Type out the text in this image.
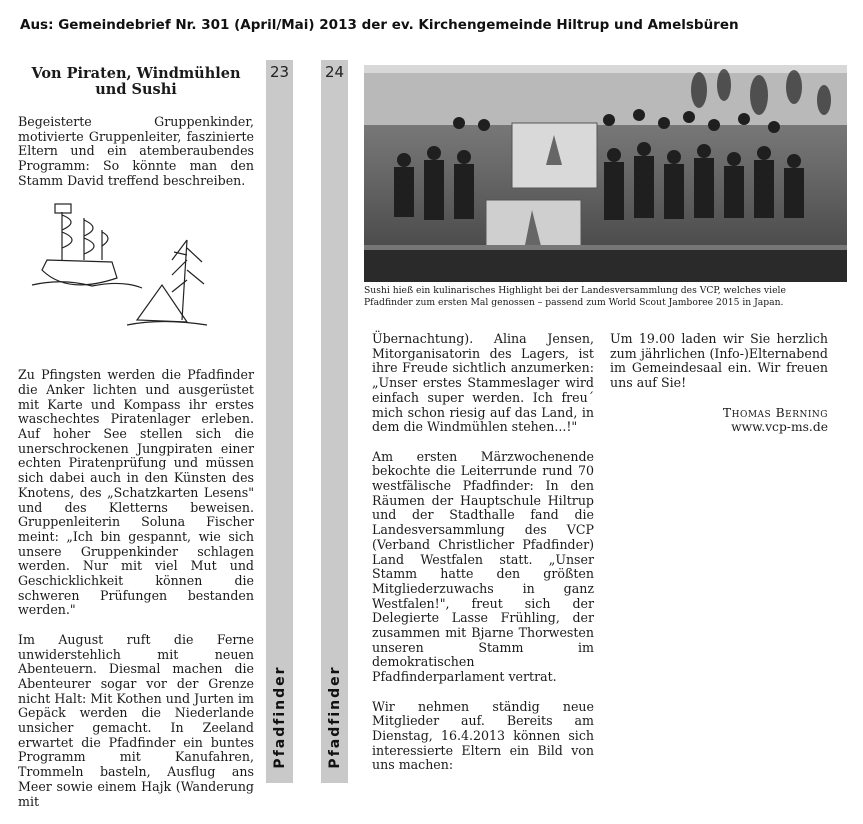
Aus: Gemeindebrief Nr. 301 (April/Mai) 2013 der ev. Kirchengemeinde Hiltrup und Amelsbüren
Von Piraten, Windmühlen und Sushi

Begeisterte Gruppenkinder, motivierte Gruppenleiter, faszinierte Eltern und ein atemberaubendes Programm: So könnte man den Stamm David treffend beschreiben.

Zu Pfingsten werden die Pfadfinder die Anker lichten und ausgerüstet mit Karte und Kompass ihr erstes waschechtes Piratenlager erleben. Auf hoher See stellen sich die unerschrockenen Jungpiraten einer echten Piratenprüfung und müssen sich dabei auch in den Künsten des Knotens, des „Schatzkarten Lesens" und des Kletterns beweisen. Gruppenleiterin Soluna Fischer meint: „Ich bin gespannt, wie sich unsere Gruppenkinder schlagen werden. Nur mit viel Mut und Geschicklichkeit können die schweren Prüfungen bestanden werden."

Im August ruft die Ferne unwiderstehlich mit neuen Abenteuern. Diesmal machen die Abenteurer sogar vor der Grenze nicht Halt: Mit Kothen und Jurten im Gepäck werden die Niederlande unsicher gemacht. In Zeeland erwartet die Pfadfinder ein buntes Programm mit Kanufahren, Trommeln basteln, Ausflug ans Meer sowie einem Hajk (Wanderung mit

23
Pfadfinder
24
Pfadfinder
Sushi hieß ein kulinarisches Highlight bei der Landesversammlung des VCP, welches viele Pfadfinder zum ersten Mal genossen – passend zum World Scout Jamboree 2015 in Japan.

Übernachtung). Alina Jensen, Mitorganisatorin des Lagers, ist ihre Freude sichtlich anzumerken: „Unser erstes Stammeslager wird einfach super werden. Ich freu´ mich schon riesig auf das Land, in dem die Windmühlen stehen...!"

Am ersten Märzwochenende bekochte die Leiterrunde rund 70 westfälische Pfadfinder: In den Räumen der Hauptschule Hiltrup und der Stadthalle fand die Landesversammlung des VCP (Verband Christlicher Pfadfinder) Land Westfalen statt. „Unser Stamm hatte den größten Mitgliederzuwachs in ganz Westfalen!", freut sich der Delegierte Lasse Frühling, der zusammen mit Bjarne Thorwesten unseren Stamm im demokratischen Pfadfinderparlament vertrat.

Wir nehmen ständig neue Mitglieder auf. Bereits am Dienstag, 16.4.2013 können sich interessierte Eltern ein Bild von uns machen:

Um 19.00 laden wir Sie herzlich zum jährlichen (Info-)Elternabend im Gemeindesaal ein. Wir freuen uns auf Sie!

Thomas Berning
www.vcp-ms.de
